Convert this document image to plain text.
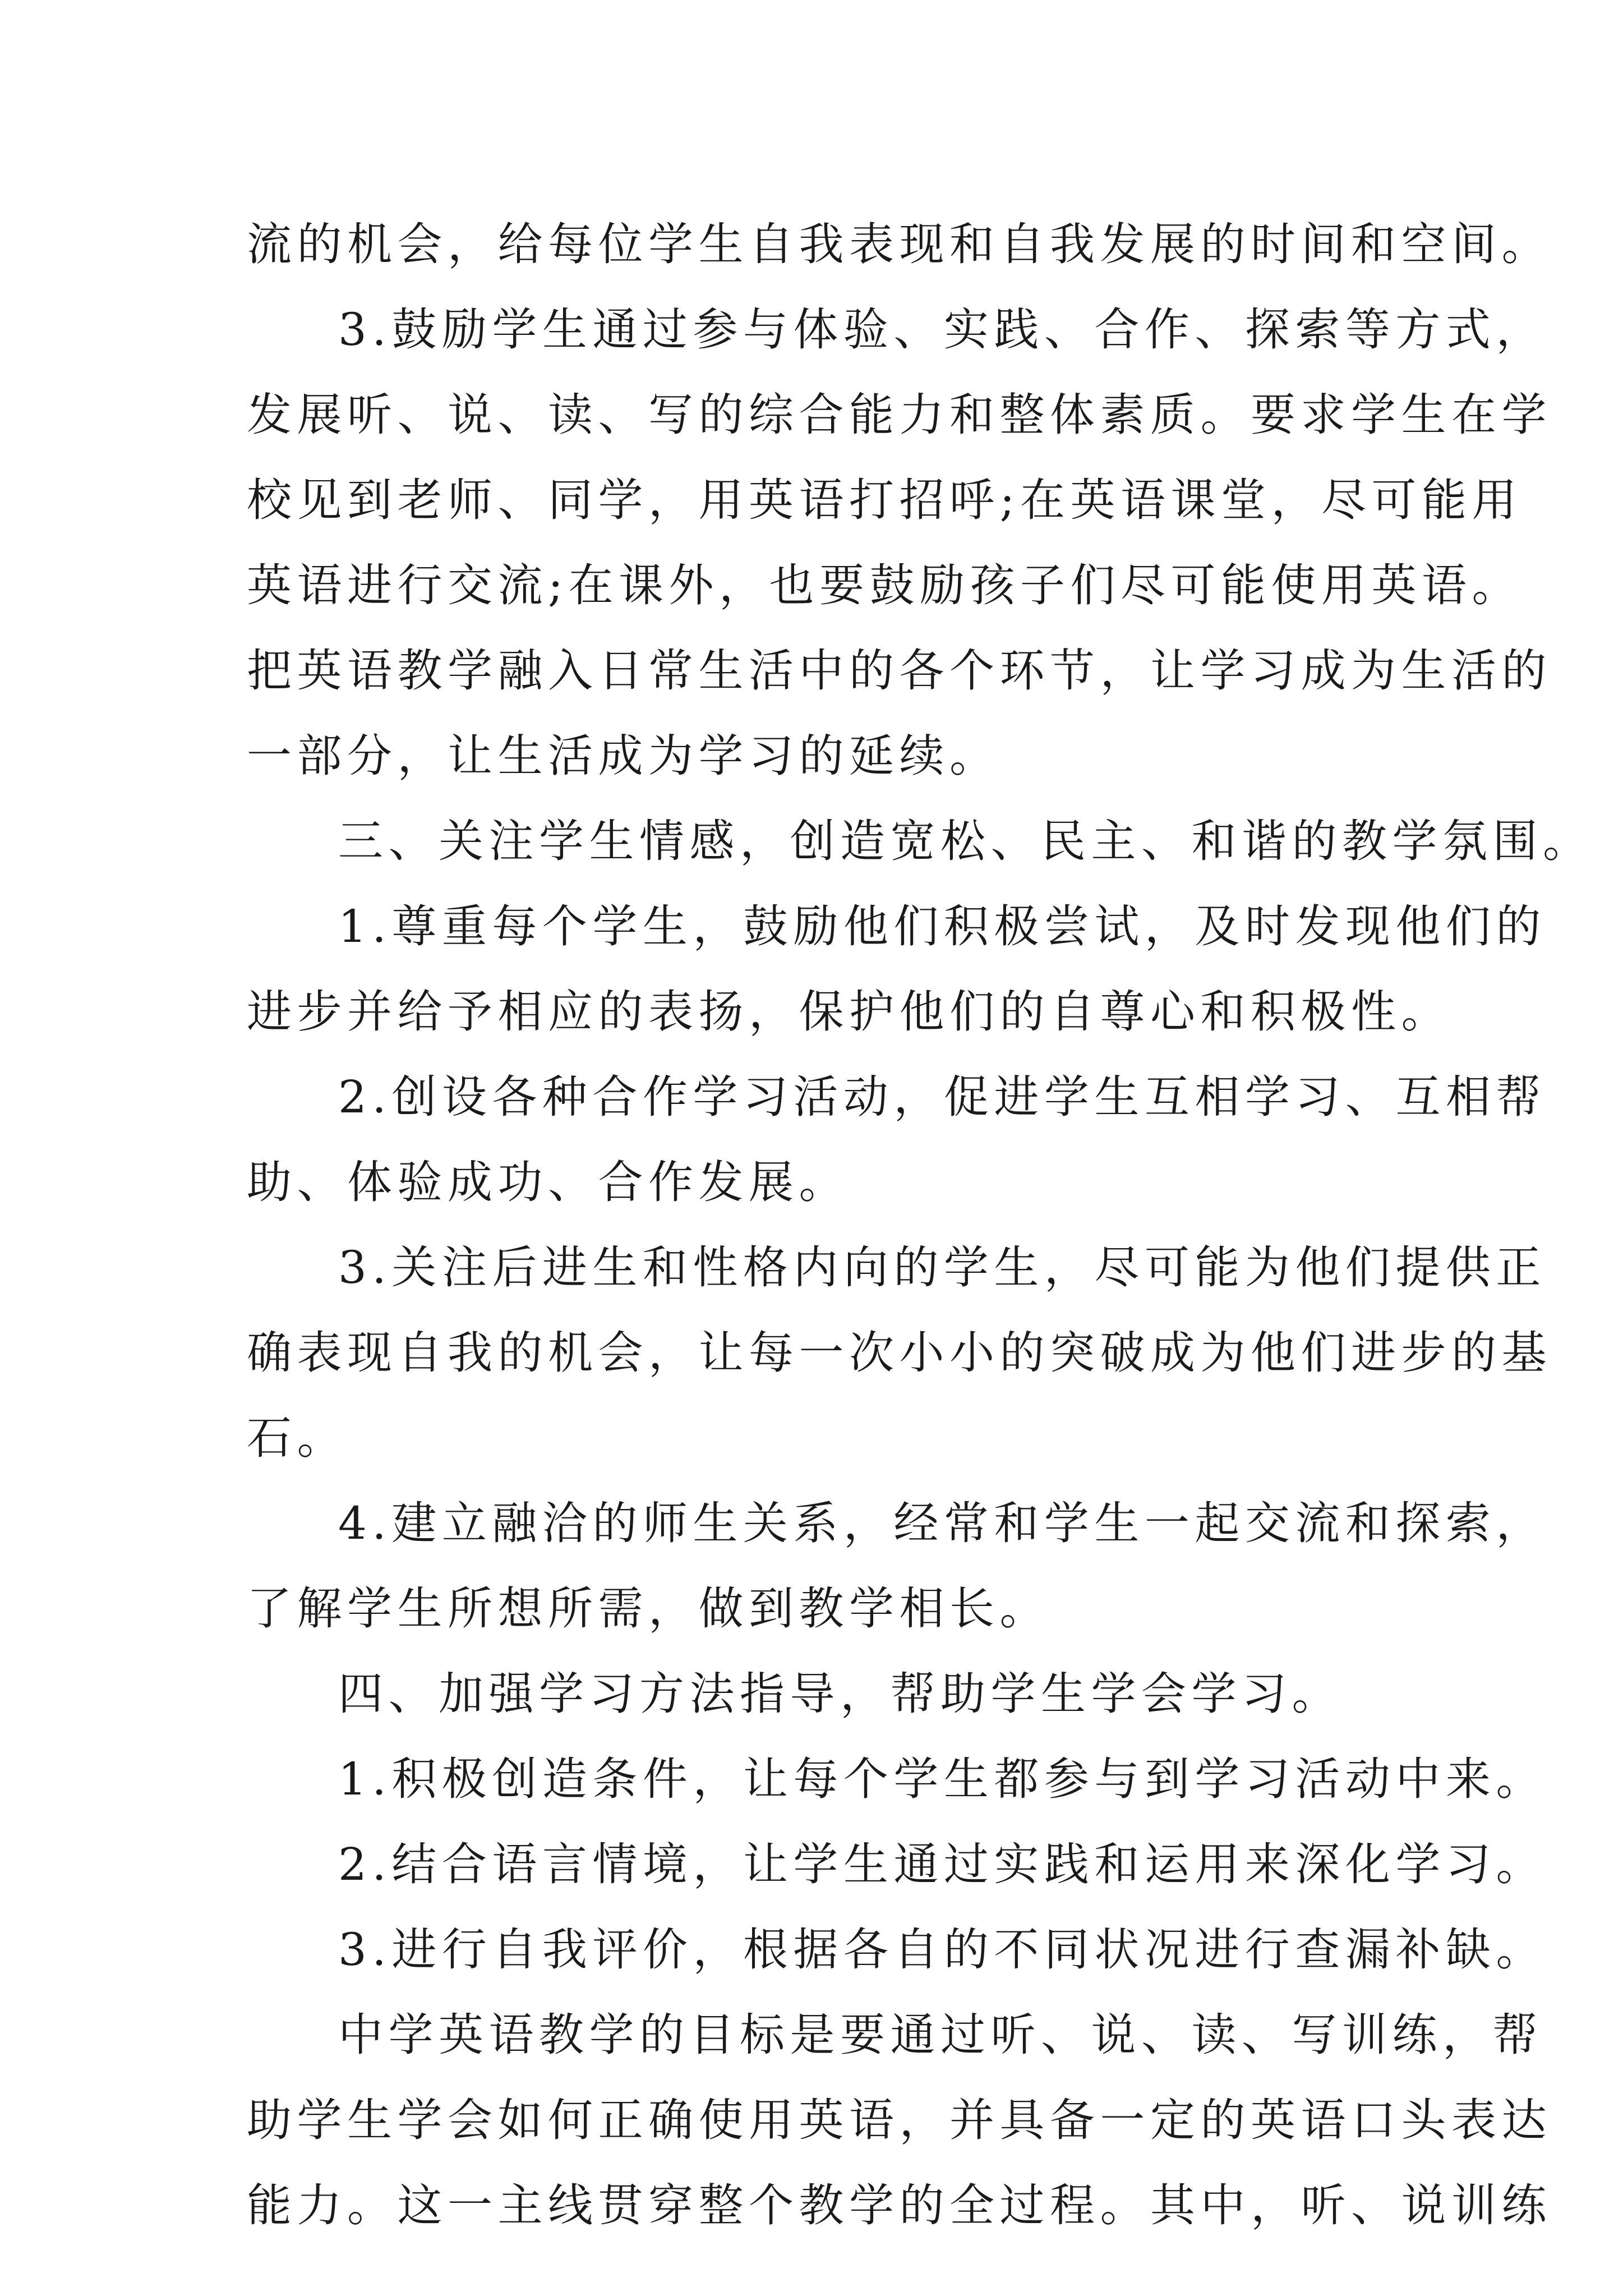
流的机会，给每位学生自我表现和自我发展的时间和空间。
3.鼓励学生通过参与体验、实践、合作、探索等方式，
发展听、说、读、写的综合能力和整体素质。要求学生在学
校见到老师、同学，用英语打招呼;在英语课堂，尽可能用
英语进行交流;在课外，也要鼓励孩子们尽可能使用英语。
把英语教学融入日常生活中的各个环节，让学习成为生活的
一部分，让生活成为学习的延续。
三、关注学生情感，创造宽松、民主、和谐的教学氛围。
1.尊重每个学生，鼓励他们积极尝试，及时发现他们的
进步并给予相应的表扬，保护他们的自尊心和积极性。
2.创设各种合作学习活动，促进学生互相学习、互相帮
助、体验成功、合作发展。
3.关注后进生和性格内向的学生，尽可能为他们提供正
确表现自我的机会，让每一次小小的突破成为他们进步的基
石。
4.建立融洽的师生关系，经常和学生一起交流和探索，
了解学生所想所需，做到教学相长。
四、加强学习方法指导，帮助学生学会学习。
1.积极创造条件，让每个学生都参与到学习活动中来。
2.结合语言情境，让学生通过实践和运用来深化学习。
3.进行自我评价，根据各自的不同状况进行查漏补缺。
中学英语教学的目标是要通过听、说、读、写训练，帮
助学生学会如何正确使用英语，并具备一定的英语口头表达
能力。这一主线贯穿整个教学的全过程。其中，听、说训练
